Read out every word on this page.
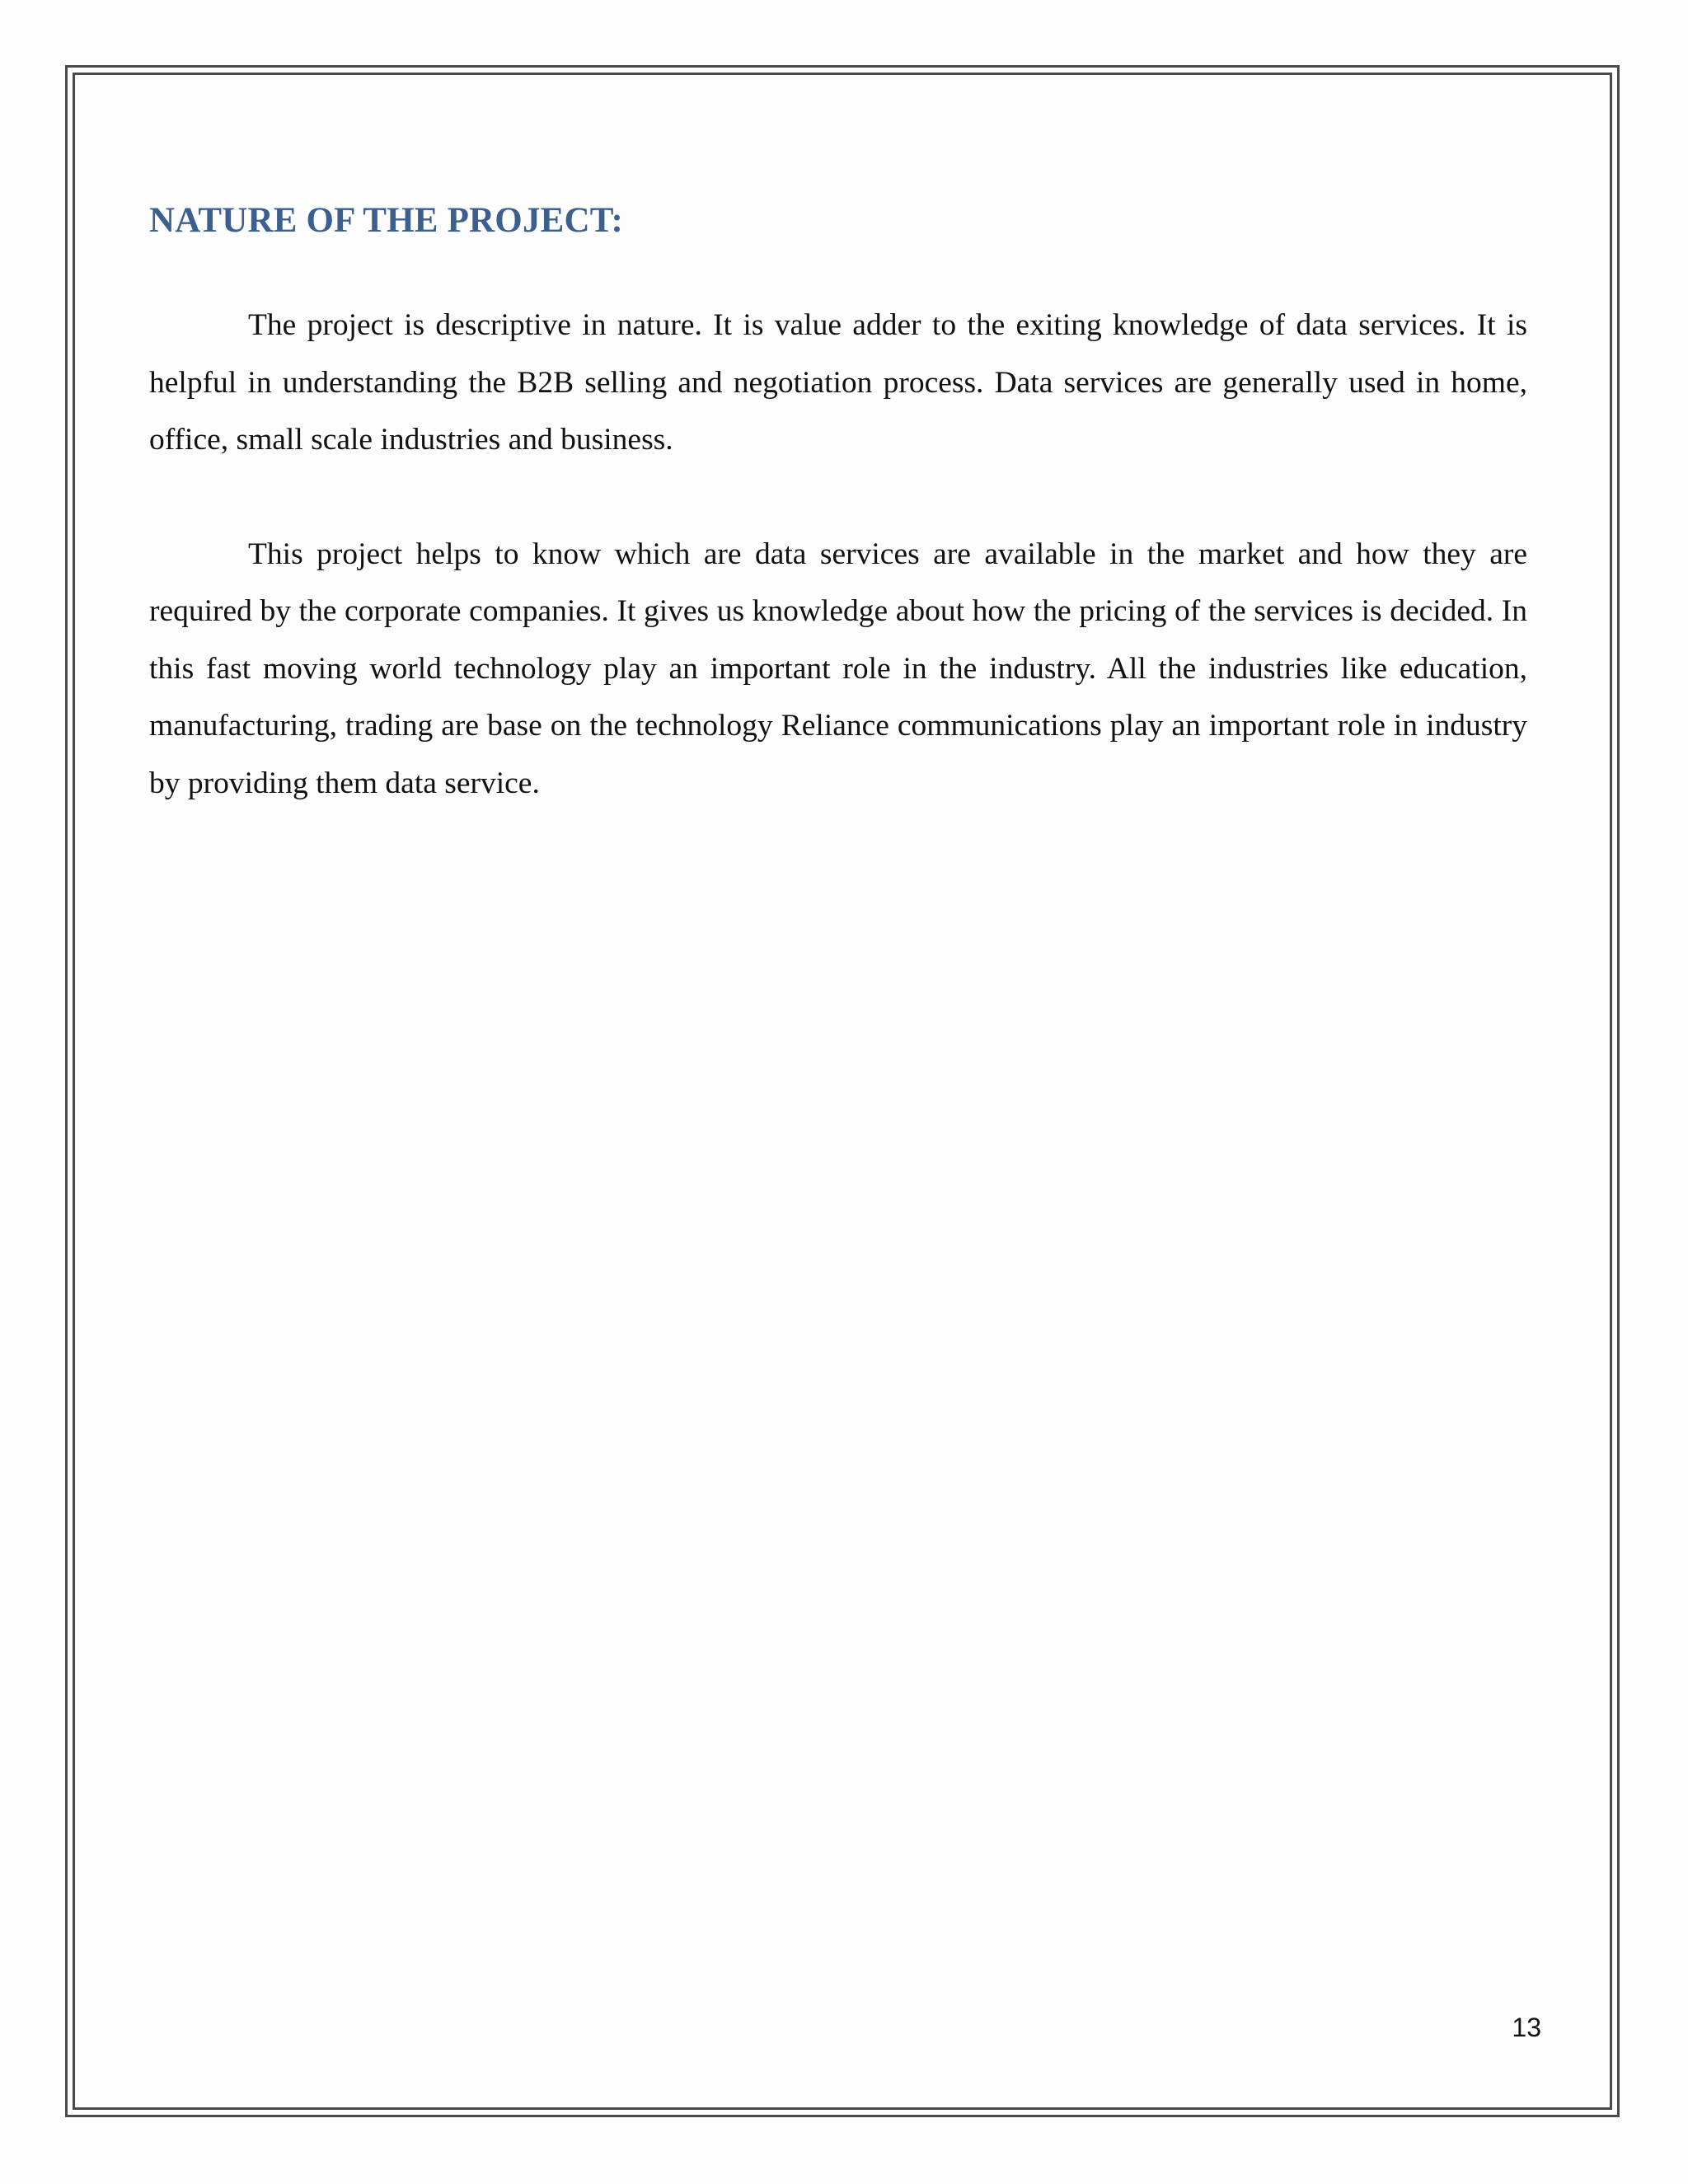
NATURE OF THE PROJECT:

The project is descriptive in nature. It is value adder to the exiting knowledge of data services. It is helpful in understanding the B2B selling and negotiation process. Data services are generally used in home, office, small scale industries and business.

This project helps to know which are data services are available in the market and how they are required by the corporate companies. It gives us knowledge about how the pricing of the services is decided. In this fast moving world technology play an important role in the industry. All the industries like education, manufacturing, trading are base on the technology Reliance communications play an important role in industry by providing them data service.

13
